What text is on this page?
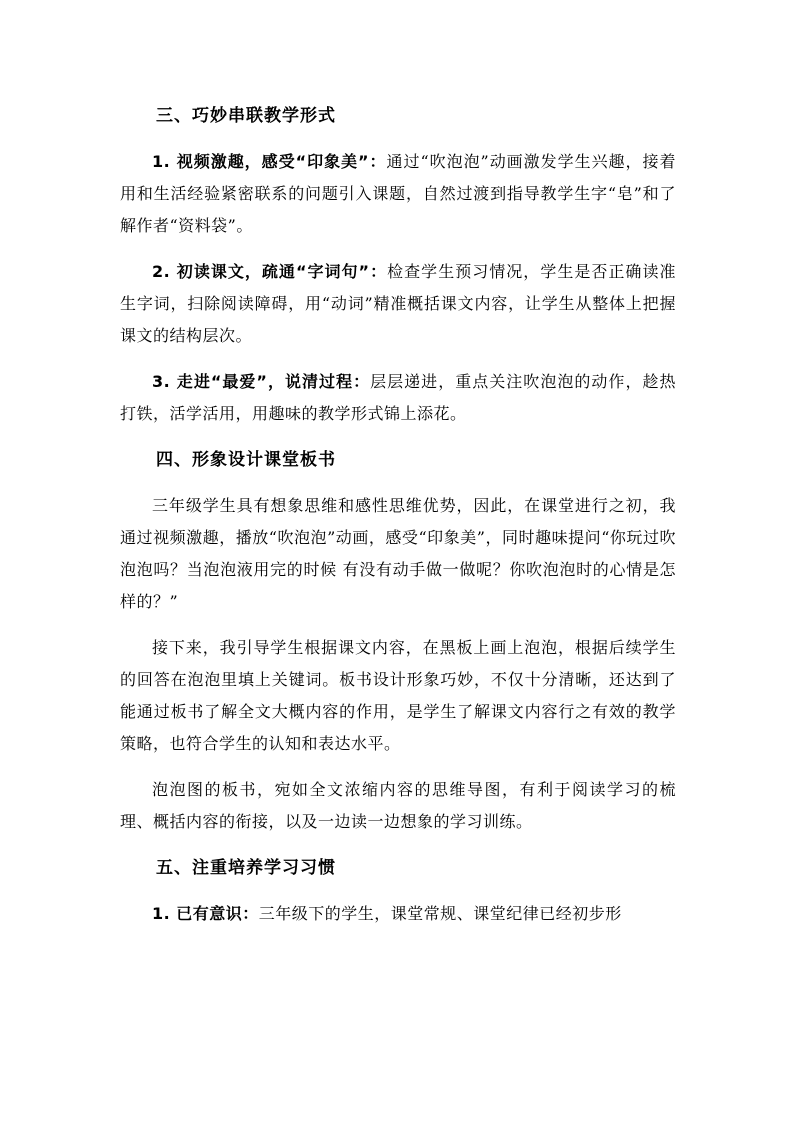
三、巧妙串联教学形式

1. 视频激趣，感受“印象美”：通过“吹泡泡”动画激发学生兴趣，接着用和生活经验紧密联系的问题引入课题，自然过渡到指导教学生字“皂”和了解作者“资料袋”。

2. 初读课文，疏通“字词句”：检查学生预习情况，学生是否正确读准生字词，扫除阅读障碍，用“动词”精准概括课文内容，让学生从整体上把握课文的结构层次。

3. 走进“最爱”，说清过程：层层递进，重点关注吹泡泡的动作，趁热打铁，活学活用，用趣味的教学形式锦上添花。

四、形象设计课堂板书

三年级学生具有想象思维和感性思维优势，因此，在课堂进行之初，我通过视频激趣，播放“吹泡泡”动画，感受“印象美”，同时趣味提问“你玩过吹泡泡吗？当泡泡液用完的时候 有没有动手做一做呢？你吹泡泡时的心情是怎样的？”

接下来，我引导学生根据课文内容，在黑板上画上泡泡，根据后续学生的回答在泡泡里填上关键词。板书设计形象巧妙，不仅十分清晰，还达到了能通过板书了解全文大概内容的作用，是学生了解课文内容行之有效的教学策略，也符合学生的认知和表达水平。

泡泡图的板书，宛如全文浓缩内容的思维导图，有利于阅读学习的梳理、概括内容的衔接，以及一边读一边想象的学习训练。

五、注重培养学习习惯

1. 已有意识：三年级下的学生，课堂常规、课堂纪律已经初步形
